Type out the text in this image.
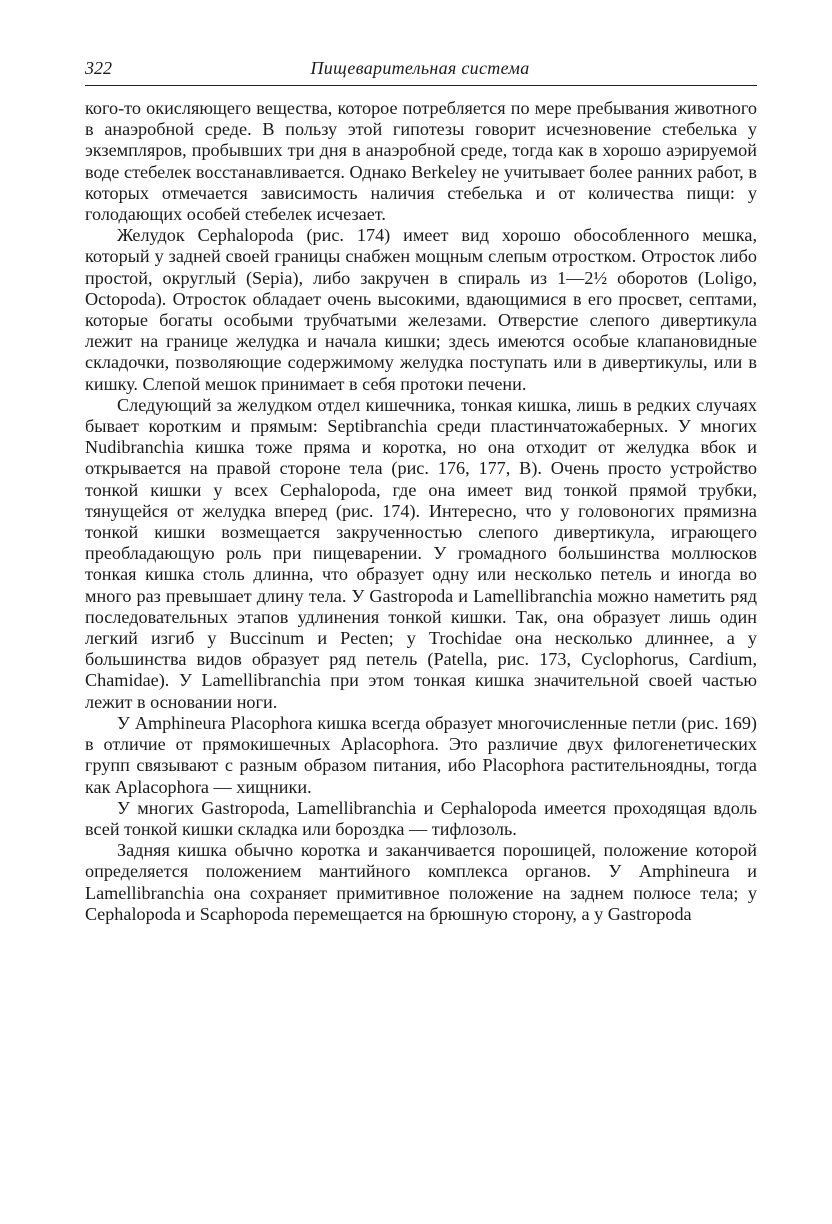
322	Пищеварительная система

кого-то окисляющего вещества, которое потребляется по мере пребывания животного в анаэробной среде. В пользу этой гипотезы говорит исчезновение стебелька у экземпляров, пробывших три дня в анаэробной среде, тогда как в хорошо аэрируемой воде стебелек восстанавливается. Однако Berkeley не учитывает более ранних работ, в которых отмечается зависимость наличия стебелька и от количества пищи: у голодающих особей стебелек исчезает.

Желудок Cephalopoda (рис. 174) имеет вид хорошо обособленного мешка, который у задней своей границы снабжен мощным слепым отростком. Отросток либо простой, округлый (Sepia), либо закручен в спираль из 1—2½ оборотов (Loligo, Octopoda). Отросток обладает очень высокими, вдающимися в его просвет, септами, которые богаты особыми трубчатыми железами. Отверстие слепого дивертикула лежит на границе желудка и начала кишки; здесь имеются особые клапановидные складочки, позволяющие содержимому желудка поступать или в дивертикулы, или в кишку. Слепой мешок принимает в себя протоки печени.

Следующий за желудком отдел кишечника, тонкая кишка, лишь в редких случаях бывает коротким и прямым: Septibranchia среди пластинчатожаберных. У многих Nudibranchia кишка тоже пряма и коротка, но она отходит от желудка вбок и открывается на правой стороне тела (рис. 176, 177, B). Очень просто устройство тонкой кишки у всех Cephalopoda, где она имеет вид тонкой прямой трубки, тянущейся от желудка вперед (рис. 174). Интересно, что у головоногих прямизна тонкой кишки возмещается закрученностью слепого дивертикула, играющего преобладающую роль при пищеварении. У громадного большинства моллюсков тонкая кишка столь длинна, что образует одну или несколько петель и иногда во много раз превышает длину тела. У Gastropoda и Lamellibranchia можно наметить ряд последовательных этапов удлинения тонкой кишки. Так, она образует лишь один легкий изгиб у Buccinum и Pecten; у Trochidae она несколько длиннее, а у большинства видов образует ряд петель (Patella, рис. 173, Cyclophorus, Cardium, Chamidae). У Lamellibranchia при этом тонкая кишка значительной своей частью лежит в основании ноги.

У Amphineura Placophora кишка всегда образует многочисленные петли (рис. 169) в отличие от прямокишечных Aplacophora. Это различие двух филогенетических групп связывают с разным образом питания, ибо Placophora растительноядны, тогда как Aplacophora — хищники.

У многих Gastropoda, Lamellibranchia и Cephalopoda имеется проходящая вдоль всей тонкой кишки складка или бороздка — тифлозоль.

Задняя кишка обычно коротка и заканчивается порошицей, положение которой определяется положением мантийного комплекса органов. У Amphineura и Lamellibranchia она сохраняет примитивное положение на заднем полюсе тела; у Cephalopoda и Scaphopoda перемещается на брюшную сторону, а у Gastropoda
